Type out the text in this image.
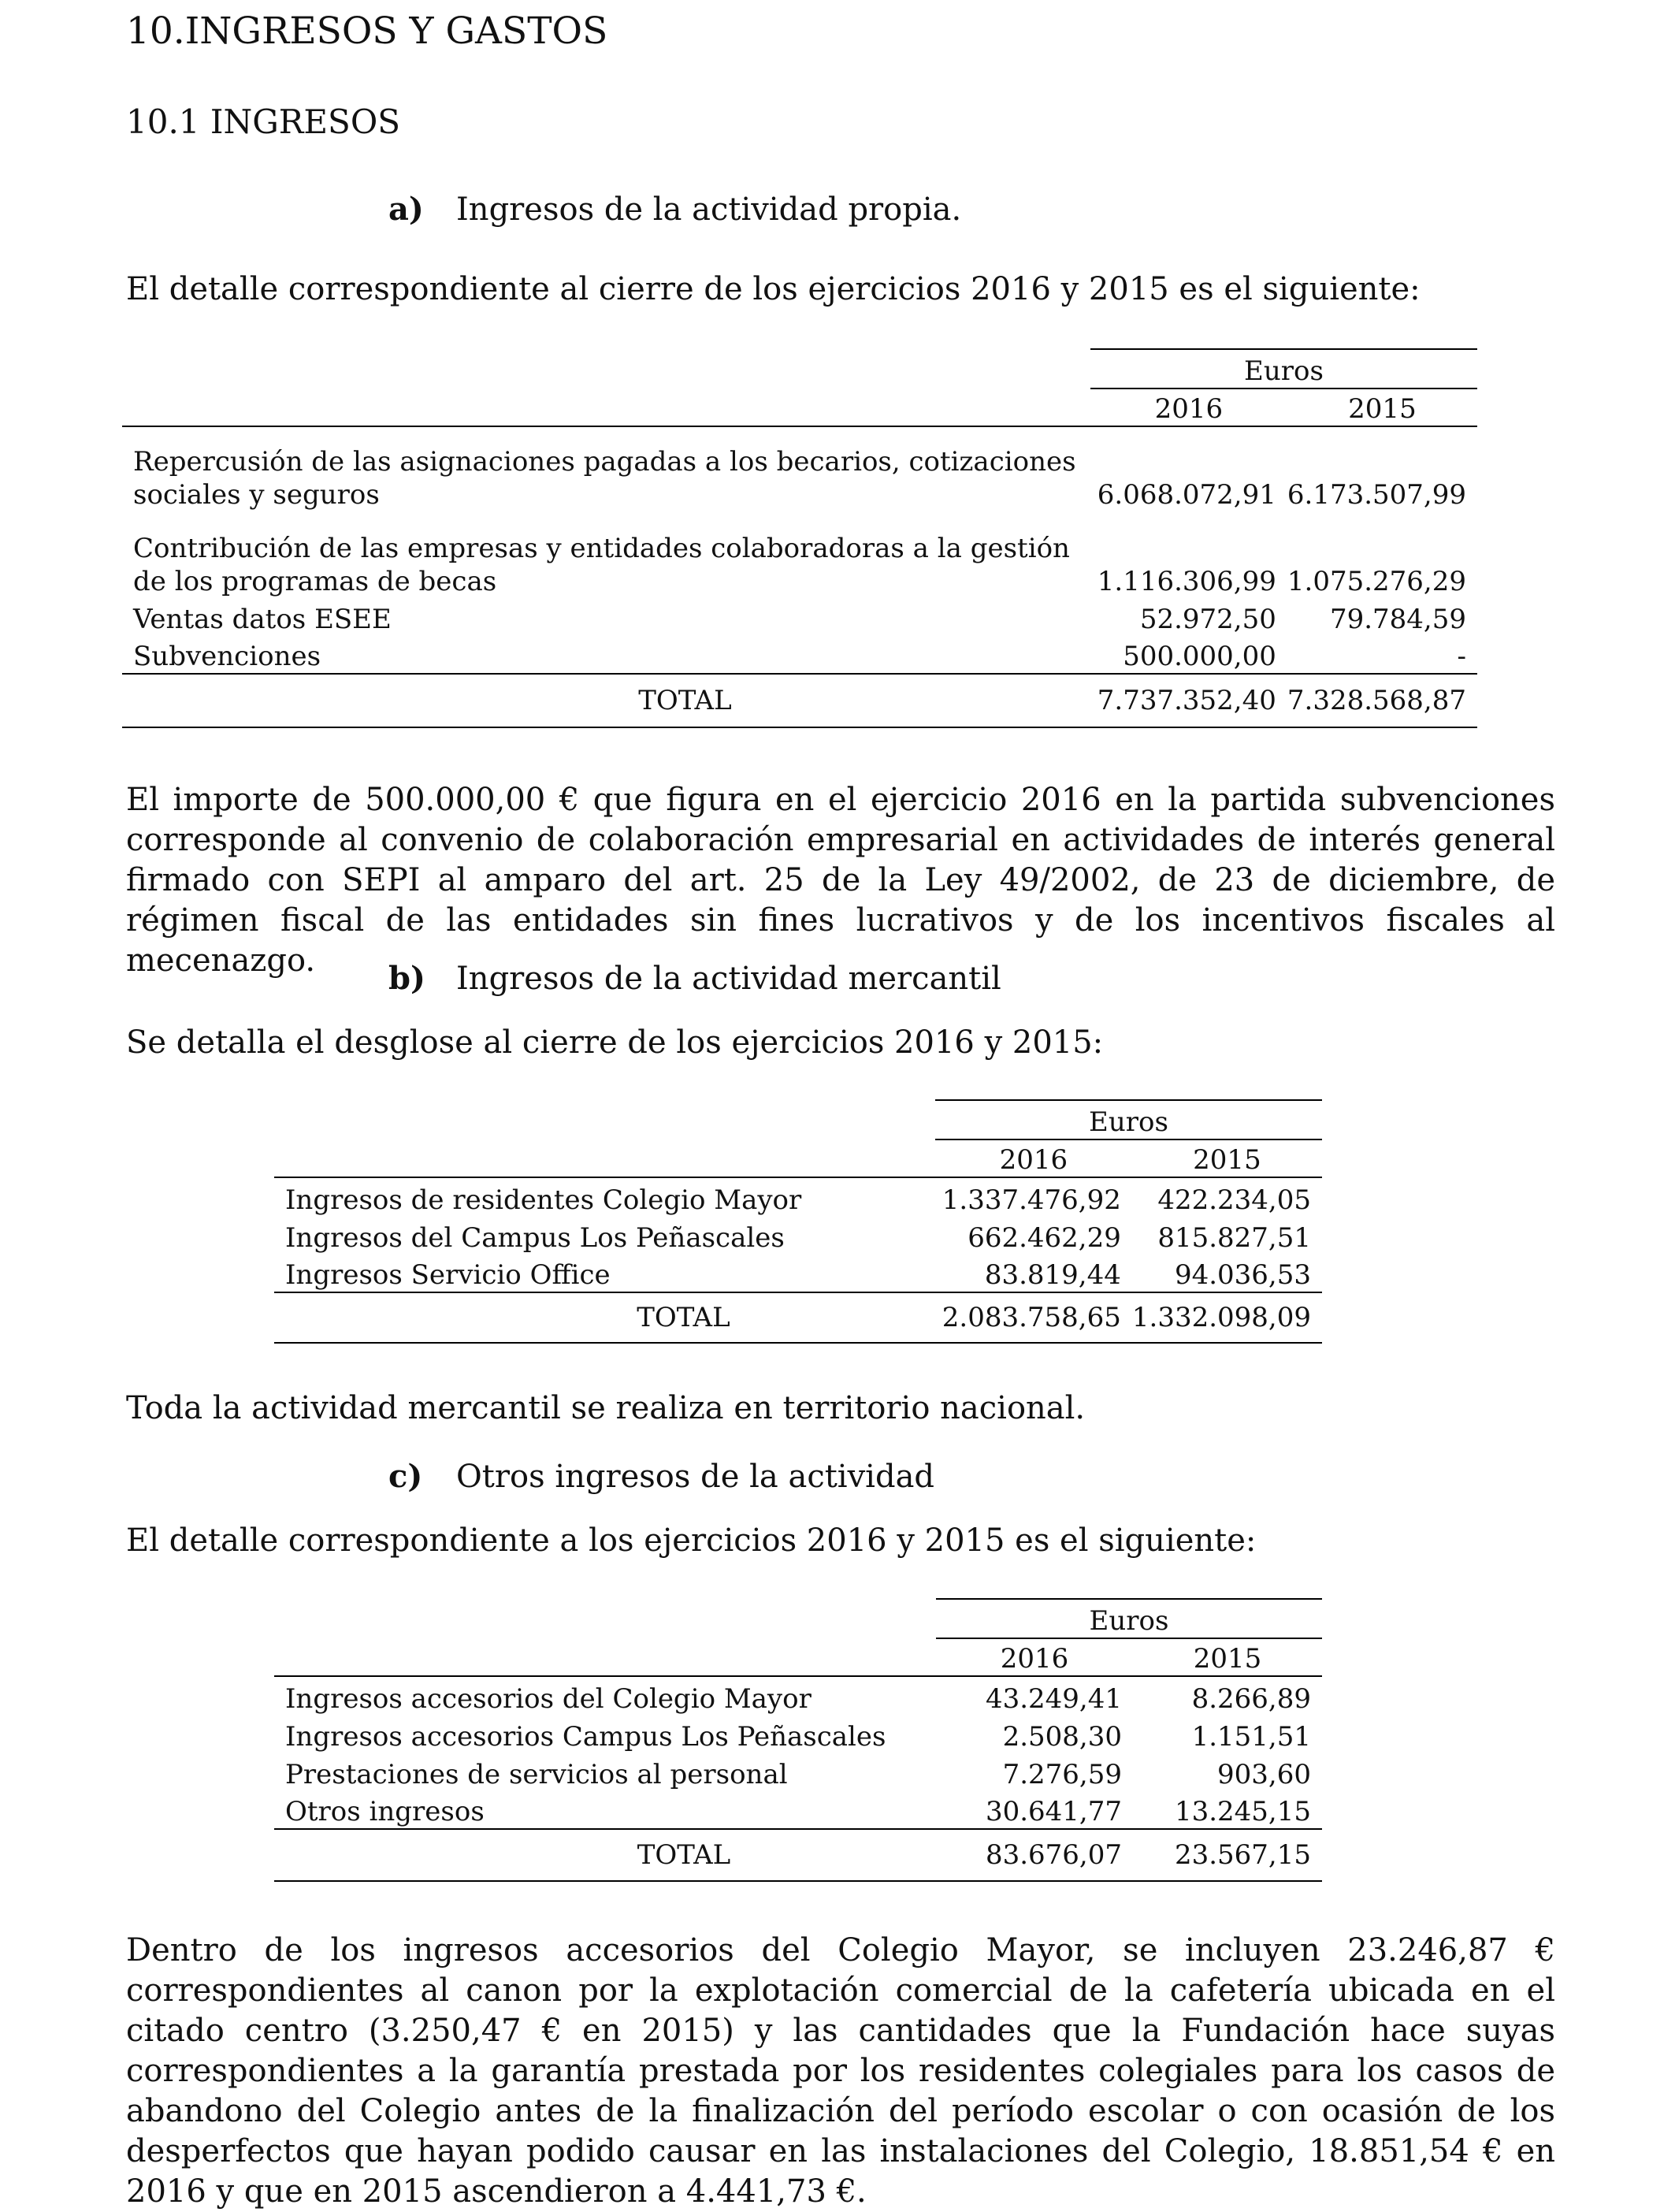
10.INGRESOS Y GASTOS
10.1 INGRESOS
a) Ingresos de la actividad propia.
El detalle correspondiente al cierre de los ejercicios 2016 y 2015 es el siguiente:
	Euros	
	2016	2015
Repercusión de las asignaciones pagadas a los becarios, cotizaciones sociales y seguros	6.068.072,91	6.173.507,99
Contribución de las empresas y entidades colaboradoras a la gestión de los programas de becas	1.116.306,99	1.075.276,29
Ventas datos ESEE	52.972,50	79.784,59
Subvenciones	500.000,00	-
TOTAL	7.737.352,40	7.328.568,87
El importe de 500.000,00 € que figura en el ejercicio 2016 en la partida subvenciones corresponde al convenio de colaboración empresarial en actividades de interés general firmado con SEPI al amparo del art. 25 de la Ley 49/2002, de 23 de diciembre, de régimen fiscal de las entidades sin fines lucrativos y de los incentivos fiscales al mecenazgo.	b) Ingresos de la actividad mercantil
Se detalla el desglose al cierre de los ejercicios 2016 y 2015:
	Euros	
	2016	2015
Ingresos de residentes Colegio Mayor	1.337.476,92	422.234,05
Ingresos del Campus Los Peñascales	662.462,29	815.827,51
Ingresos Servicio Office	83.819,44	94.036,53
TOTAL	2.083.758,65	1.332.098,09
Toda la actividad mercantil se realiza en territorio nacional.
c) Otros ingresos de la actividad
El detalle correspondiente a los ejercicios 2016 y 2015 es el siguiente:
	Euros	
	2016	2015
Ingresos accesorios del Colegio Mayor	43.249,41	8.266,89
Ingresos accesorios Campus Los Peñascales	2.508,30	1.151,51
Prestaciones de servicios al personal	7.276,59	903,60
Otros ingresos	30.641,77	13.245,15
TOTAL	83.676,07	23.567,15
Dentro de los ingresos accesorios del Colegio Mayor, se incluyen 23.246,87 € correspondientes al canon por la explotación comercial de la cafetería ubicada en el citado centro (3.250,47 € en 2015) y las cantidades que la Fundación hace suyas correspondientes a la garantía prestada por los residentes colegiales para los casos de abandono del Colegio antes de la finalización del período escolar o con ocasión de los desperfectos que hayan podido causar en las instalaciones del Colegio, 18.851,54 € en 2016 y que en 2015 ascendieron a 4.441,73 €.
